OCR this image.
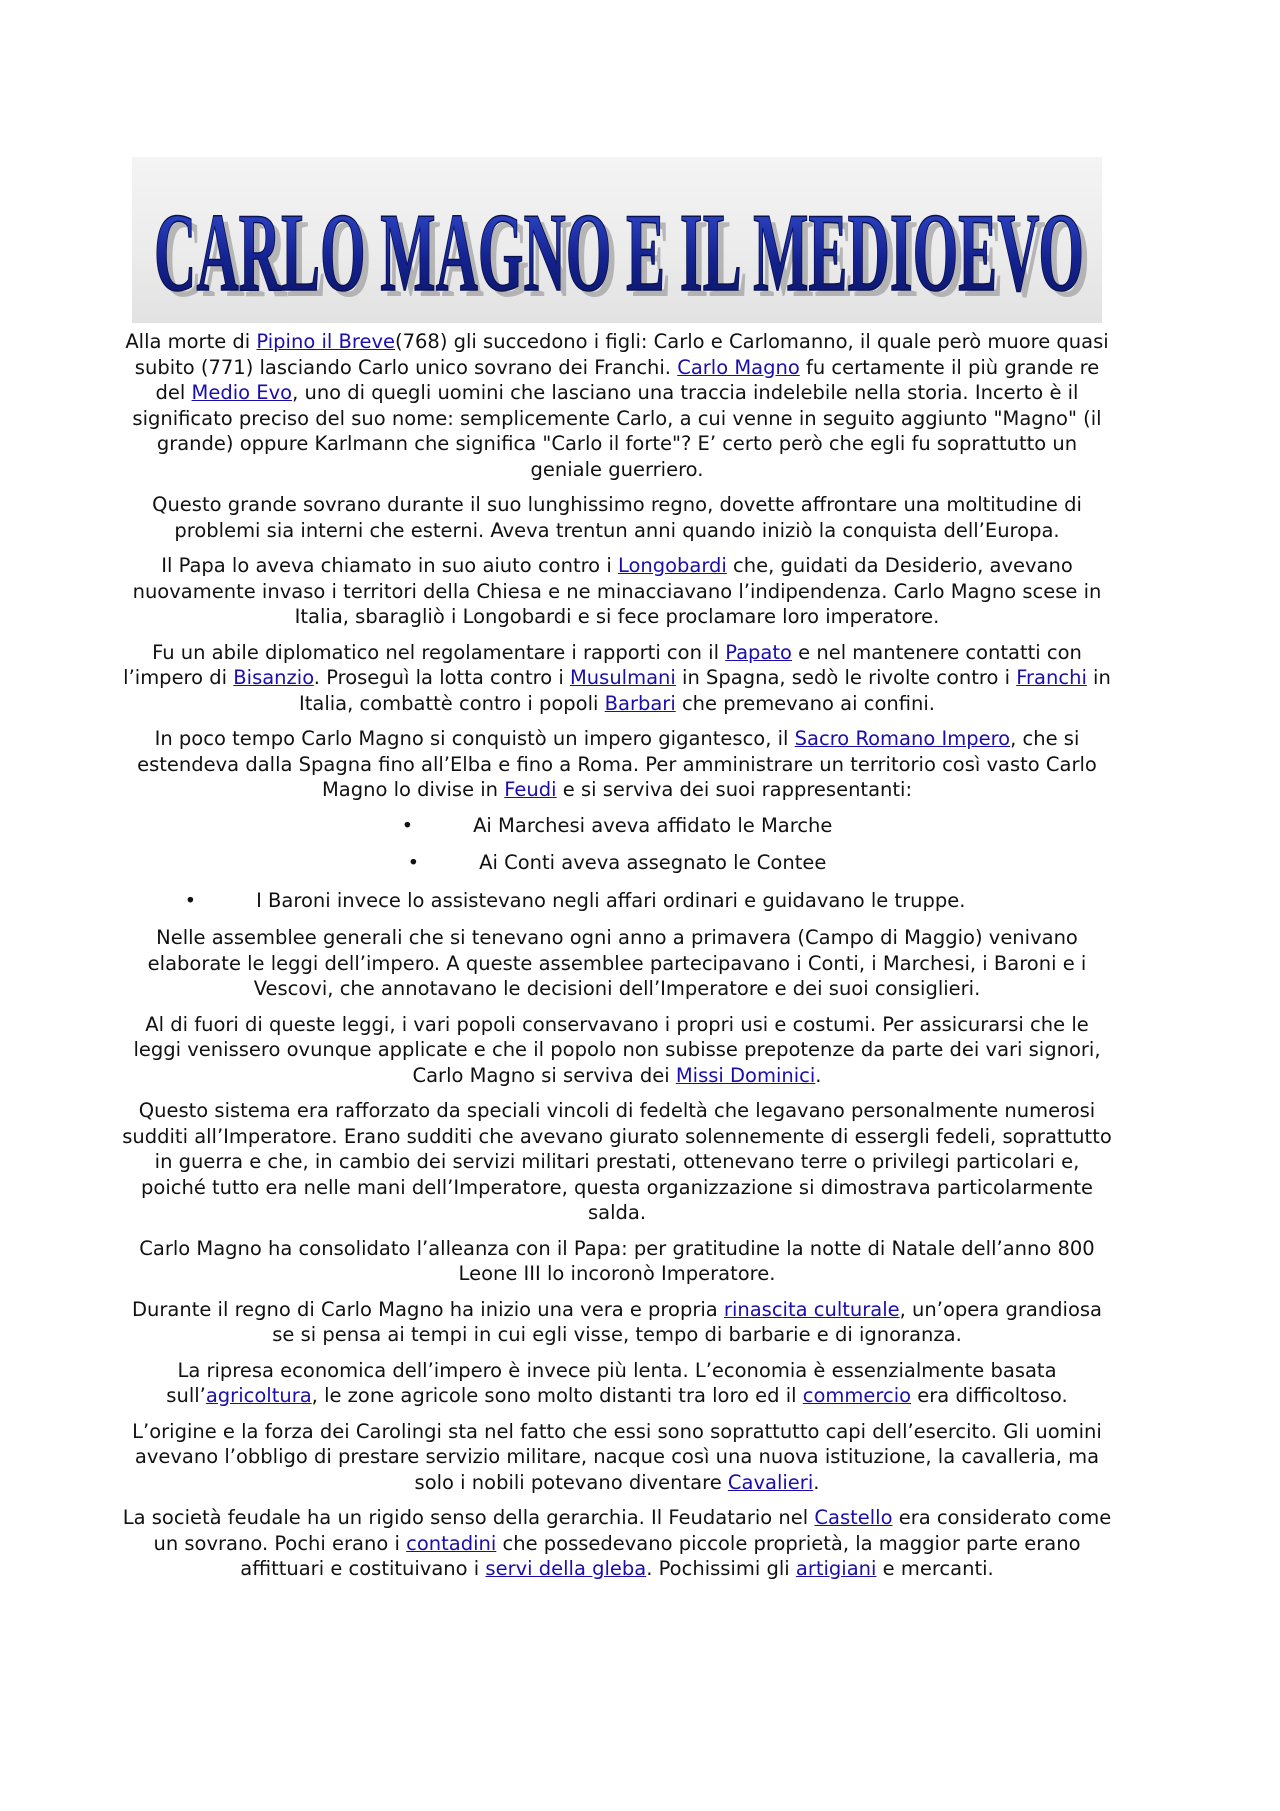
CARLO MAGNO E IL MEDIOEVO
CARLO MAGNO E IL MEDIOEVO

Alla morte di Pipino il Breve(768) gli succedono i figli: Carlo e Carlomanno, il quale però muore quasi subito (771) lasciando Carlo unico sovrano dei Franchi. Carlo Magno fu certamente il più grande re del Medio Evo, uno di quegli uomini che lasciano una traccia indelebile nella storia. Incerto è il significato preciso del suo nome: semplicemente Carlo, a cui venne in seguito aggiunto "Magno" (il grande) oppure Karlmann che significa "Carlo il forte"? E’ certo però che egli fu soprattutto un geniale guerriero.

Questo grande sovrano durante il suo lunghissimo regno, dovette affrontare una moltitudine di problemi sia interni che esterni. Aveva trentun anni quando iniziò la conquista dell’Europa.

Il Papa lo aveva chiamato in suo aiuto contro i Longobardi che, guidati da Desiderio, avevano nuovamente invaso i territori della Chiesa e ne minacciavano l’indipendenza. Carlo Magno scese in Italia, sbaragliò i Longobardi e si fece proclamare loro imperatore.

Fu un abile diplomatico nel regolamentare i rapporti con il Papato e nel mantenere contatti con l’impero di Bisanzio. Proseguì la lotta contro i Musulmani in Spagna, sedò le rivolte contro i Franchi in Italia, combattè contro i popoli Barbari che premevano ai confini.

In poco tempo Carlo Magno si conquistò un impero gigantesco, il Sacro Romano Impero, che si estendeva dalla Spagna fino all’Elba e fino a Roma. Per amministrare un territorio così vasto Carlo Magno lo divise in Feudi e si serviva dei suoi rappresentanti:

•	Ai Marchesi aveva affidato le Marche
•	Ai Conti aveva assegnato le Contee
•	I Baroni invece lo assistevano negli affari ordinari e guidavano le truppe.

Nelle assemblee generali che si tenevano ogni anno a primavera (Campo di Maggio) venivano elaborate le leggi dell’impero. A queste assemblee partecipavano i Conti, i Marchesi, i Baroni e i Vescovi, che annotavano le decisioni dell’Imperatore e dei suoi consiglieri.

Al di fuori di queste leggi, i vari popoli conservavano i propri usi e costumi. Per assicurarsi che le leggi venissero ovunque applicate e che il popolo non subisse prepotenze da parte dei vari signori, Carlo Magno si serviva dei Missi Dominici.

Questo sistema era rafforzato da speciali vincoli di fedeltà che legavano personalmente numerosi sudditi all’Imperatore. Erano sudditi che avevano giurato solennemente di essergli fedeli, soprattutto in guerra e che, in cambio dei servizi militari prestati, ottenevano terre o privilegi particolari e, poiché tutto era nelle mani dell’Imperatore, questa organizzazione si dimostrava particolarmente salda.

Carlo Magno ha consolidato l’alleanza con il Papa: per gratitudine la notte di Natale dell’anno 800 Leone III lo incoronò Imperatore.

Durante il regno di Carlo Magno ha inizio una vera e propria rinascita culturale, un’opera grandiosa se si pensa ai tempi in cui egli visse, tempo di barbarie e di ignoranza.

La ripresa economica dell’impero è invece più lenta. L’economia è essenzialmente basata sull’agricoltura, le zone agricole sono molto distanti tra loro ed il commercio era difficoltoso.

L’origine e la forza dei Carolingi sta nel fatto che essi sono soprattutto capi dell’esercito. Gli uomini avevano l’obbligo di prestare servizio militare, nacque così una nuova istituzione, la cavalleria, ma solo i nobili potevano diventare Cavalieri.

La società feudale ha un rigido senso della gerarchia. Il Feudatario nel Castello era considerato come un sovrano. Pochi erano i contadini che possedevano piccole proprietà, la maggior parte erano affittuari e costituivano i servi della gleba. Pochissimi gli artigiani e mercanti.
